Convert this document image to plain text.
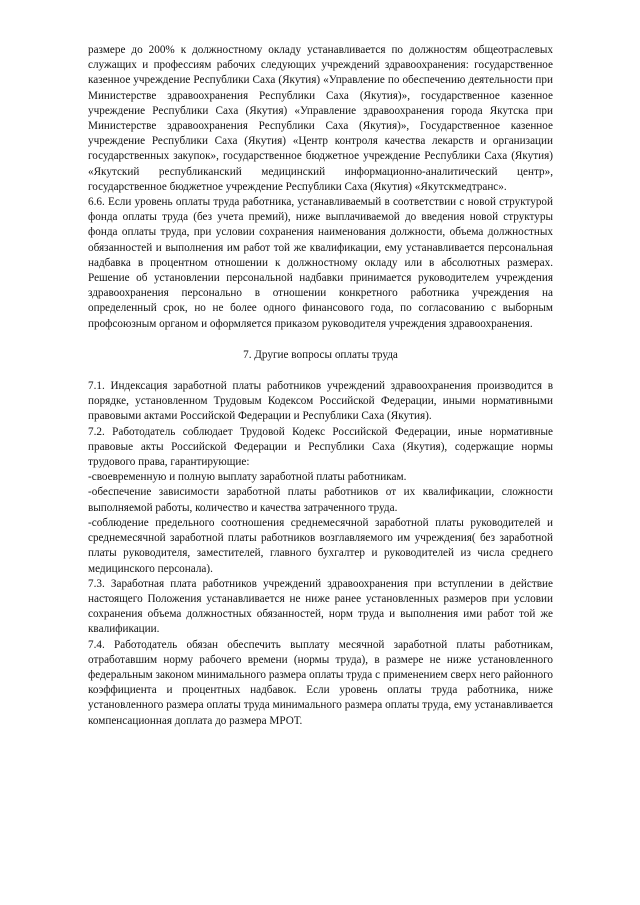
размере до 200% к должностному окладу устанавливается по должностям общеотраслевых служащих и профессиям рабочих следующих учреждений здравоохранения: государственное казенное учреждение Республики Саха (Якутия) «Управление по обеспечению деятельности при Министерстве здравоохранения Республики Саха (Якутия)», государственное казенное учреждение Республики Саха (Якутия) «Управление здравоохранения города Якутска при Министерстве здравоохранения Республики Саха (Якутия)», Государственное казенное учреждение Республики Саха (Якутия) «Центр контроля качества лекарств и организации государственных закупок», государственное бюджетное учреждение Республики Саха (Якутия) «Якутский республиканский медицинский информационно-аналитический центр», государственное бюджетное учреждение Республики Саха (Якутия) «Якутскмедтранс».

6.6. Если уровень оплаты труда работника, устанавливаемый в соответствии с новой структурой фонда оплаты труда (без учета премий), ниже выплачиваемой до введения новой структуры фонда оплаты труда, при условии сохранения наименования должности, объема должностных обязанностей и выполнения им работ той же квалификации, ему устанавливается персональная надбавка в процентном отношении к должностному окладу или в абсолютных размерах. Решение об установлении персональной надбавки принимается руководителем учреждения здравоохранения персонально в отношении конкретного работника учреждения на определенный срок, но не более одного финансового года, по согласованию с выборным профсоюзным органом и оформляется приказом руководителя учреждения здравоохранения.

7. Другие вопросы оплаты труда

7.1. Индексация заработной платы работников учреждений здравоохранения производится в порядке, установленном Трудовым Кодексом Российской Федерации, иными нормативными правовыми актами Российской Федерации и Республики Саха (Якутия).

7.2. Работодатель соблюдает Трудовой Кодекс Российской Федерации, иные нормативные правовые акты Российской Федерации и Республики Саха (Якутия), содержащие нормы трудового права, гарантирующие:

-своевременную и полную выплату заработной платы работникам.

-обеспечение зависимости заработной платы работников от их квалификации, сложности выполняемой работы, количество и качества затраченного труда.

-соблюдение предельного соотношения среднемесячной заработной платы руководителей и среднемесячной заработной платы работников возглавляемого им учреждения( без заработной платы руководителя, заместителей, главного бухгалтер и руководителей из числа среднего медицинского персонала).

7.3. Заработная плата работников учреждений здравоохранения при вступлении в действие настоящего Положения устанавливается не ниже ранее установленных размеров при условии сохранения объема должностных обязанностей, норм труда и выполнения ими работ той же квалификации.

7.4. Работодатель обязан обеспечить выплату месячной заработной платы работникам, отработавшим норму рабочего времени (нормы труда), в размере не ниже установленного федеральным законом минимального размера оплаты труда с применением сверх него районного коэффициента и процентных надбавок. Если уровень оплаты труда работника, ниже установленного размера оплаты труда минимального размера оплаты труда, ему устанавливается компенсационная доплата до размера МРОТ.
